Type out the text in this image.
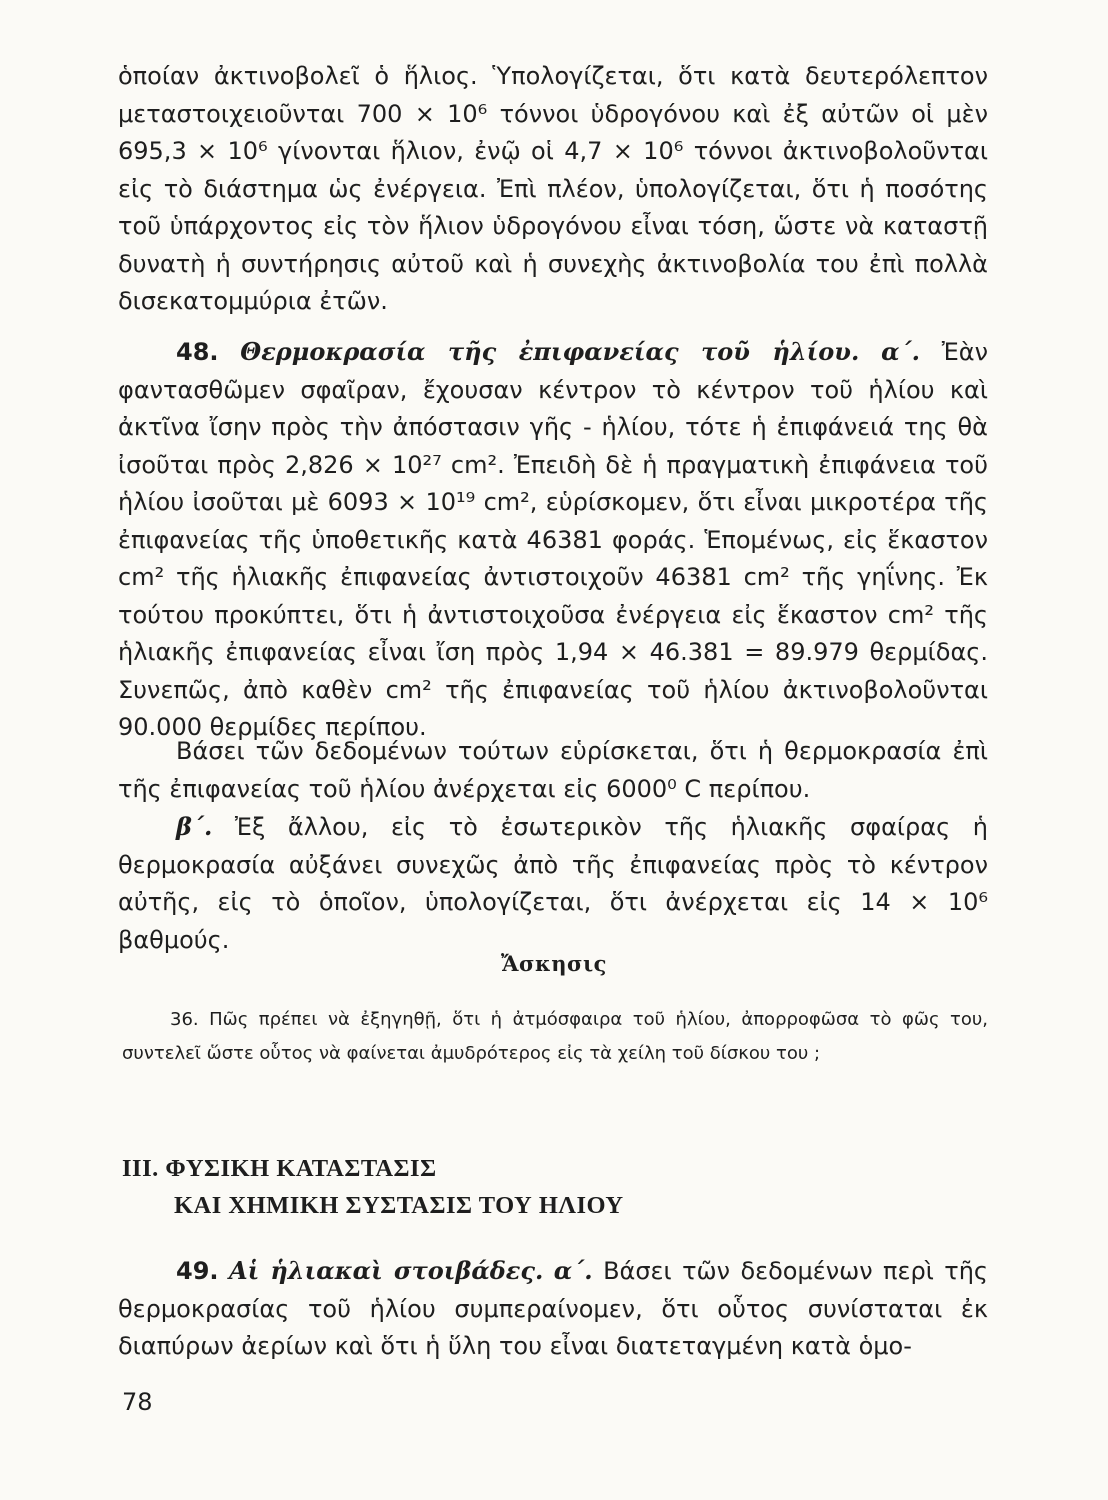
ὁποίαν ἀκτινοβολεῖ ὁ ἥλιος. Ὑπολογίζεται, ὅτι κατὰ δευτερόλεπτον μεταστοιχειοῦνται 700 × 10⁶ τόννοι ὑδρογόνου καὶ ἐξ αὐτῶν οἱ μὲν 695,3 × 10⁶ γίνονται ἥλιον, ἐνῷ οἱ 4,7 × 10⁶ τόννοι ἀκτινοβολοῦνται εἰς τὸ διάστημα ὡς ἐνέργεια. Ἐπὶ πλέον, ὑπολογίζεται, ὅτι ἡ ποσότης τοῦ ὑπάρχοντος εἰς τὸν ἥλιον ὑδρογόνου εἶναι τόση, ὥστε νὰ καταστῇ δυνατὴ ἡ συντήρησις αὐτοῦ καὶ ἡ συνεχὴς ἀκτινοβολία του ἐπὶ πολλὰ δισεκατομμύρια ἐτῶν.

48. Θερμοκρασία τῆς ἐπιφανείας τοῦ ἡλίου. α΄. Ἐὰν φαντασθῶμεν σφαῖραν, ἔχουσαν κέντρον τὸ κέντρον τοῦ ἡλίου καὶ ἀκτῖνα ἴσην πρὸς τὴν ἀπόστασιν γῆς - ἡλίου, τότε ἡ ἐπιφάνειά της θὰ ἰσοῦται πρὸς 2,826 × 10²⁷ cm². Ἐπειδὴ δὲ ἡ πραγματικὴ ἐπιφάνεια τοῦ ἡλίου ἰσοῦται μὲ 6093 × 10¹⁹ cm², εὑρίσκομεν, ὅτι εἶναι μικροτέρα τῆς ἐπιφανείας τῆς ὑποθετικῆς κατὰ 46381 φοράς. Ἑπομένως, εἰς ἕκαστον cm² τῆς ἡλιακῆς ἐπιφανείας ἀντιστοιχοῦν 46381 cm² τῆς γηΐνης. Ἐκ τούτου προκύπτει, ὅτι ἡ ἀντιστοιχοῦσα ἐνέργεια εἰς ἕκαστον cm² τῆς ἡλιακῆς ἐπιφανείας εἶναι ἴση πρὸς 1,94 × 46.381 = 89.979 θερμίδας. Συνεπῶς, ἀπὸ καθὲν cm² τῆς ἐπιφανείας τοῦ ἡλίου ἀκτινοβολοῦνται 90.000 θερμίδες περίπου.

Βάσει τῶν δεδομένων τούτων εὑρίσκεται, ὅτι ἡ θερμοκρασία ἐπὶ τῆς ἐπιφανείας τοῦ ἡλίου ἀνέρχεται εἰς 6000⁰ C περίπου.

β΄. Ἐξ ἄλλου, εἰς τὸ ἐσωτερικὸν τῆς ἡλιακῆς σφαίρας ἡ θερμοκρασία αὐξάνει συνεχῶς ἀπὸ τῆς ἐπιφανείας πρὸς τὸ κέντρον αὐτῆς, εἰς τὸ ὁποῖον, ὑπολογίζεται, ὅτι ἀνέρχεται εἰς 14 × 10⁶ βαθμούς.

Ἄσκησις

36. Πῶς πρέπει νὰ ἐξηγηθῇ, ὅτι ἡ ἀτμόσφαιρα τοῦ ἡλίου, ἀπορροφῶσα τὸ φῶς του, συντελεῖ ὥστε οὗτος νὰ φαίνεται ἀμυδρότερος εἰς τὰ χείλη τοῦ δίσκου του ;

ΙΙΙ. ΦΥΣΙΚΗ ΚΑΤΑΣΤΑΣΙΣ
ΚΑΙ ΧΗΜΙΚΗ ΣΥΣΤΑΣΙΣ ΤΟΥ ΗΛΙΟΥ

49. Αἱ ἡλιακαὶ στοιβάδες. α΄. Βάσει τῶν δεδομένων περὶ τῆς θερμοκρασίας τοῦ ἡλίου συμπεραίνομεν, ὅτι οὗτος συνίσταται ἐκ διαπύρων ἀερίων καὶ ὅτι ἡ ὕλη του εἶναι διατεταγμένη κατὰ ὁμο-

78
